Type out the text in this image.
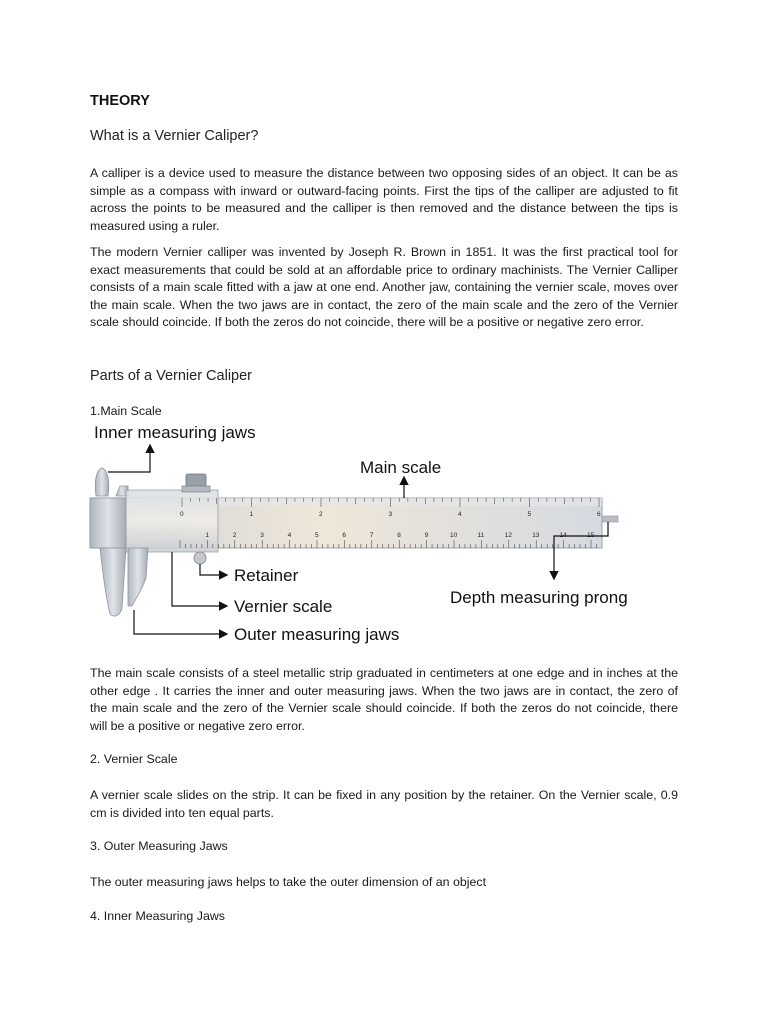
THEORY
What is a Vernier Caliper?

A calliper is a device used to measure the distance between two opposing sides of an object. It can be as simple as a compass with inward or outward-facing points. First the tips of the calliper are adjusted to fit across the points to be measured and the calliper is then removed and the distance between the tips is measured using a ruler.

The modern Vernier calliper was invented by Joseph R. Brown in 1851. It was the first practical tool for exact measurements that could be sold at an affordable price to ordinary machinists. The Vernier Calliper consists of a main scale fitted with a jaw at one end. Another jaw, containing the vernier scale, moves over the main scale. When the two jaws are in contact, the zero of the main scale and the zero of the Vernier scale should coincide. If both the zeros do not coincide, there will be a positive or negative zero error.

Parts of a Vernier Caliper

1.Main Scale

0	1	2	3	4	5	6
1	2	3	4	5	6	7	8	9	10	11	12	13	14	15
Inner measuring jaws
Main scale
Retainer
Vernier scale
Outer measuring jaws
Depth measuring prong

The main scale consists of a steel metallic strip graduated in centimeters at one edge and in inches at the other edge . It carries the inner and outer measuring jaws. When the two jaws are in contact, the zero of the main scale and the zero of the Vernier scale should coincide. If both the zeros do not coincide, there will be a positive or negative zero error.

2. Vernier Scale

A vernier scale slides on the strip. It can be fixed in any position by the retainer. On the Vernier scale, 0.9 cm is divided into ten equal parts.

3. Outer Measuring Jaws

The outer measuring jaws helps to take the outer dimension of an object

4. Inner Measuring Jaws
